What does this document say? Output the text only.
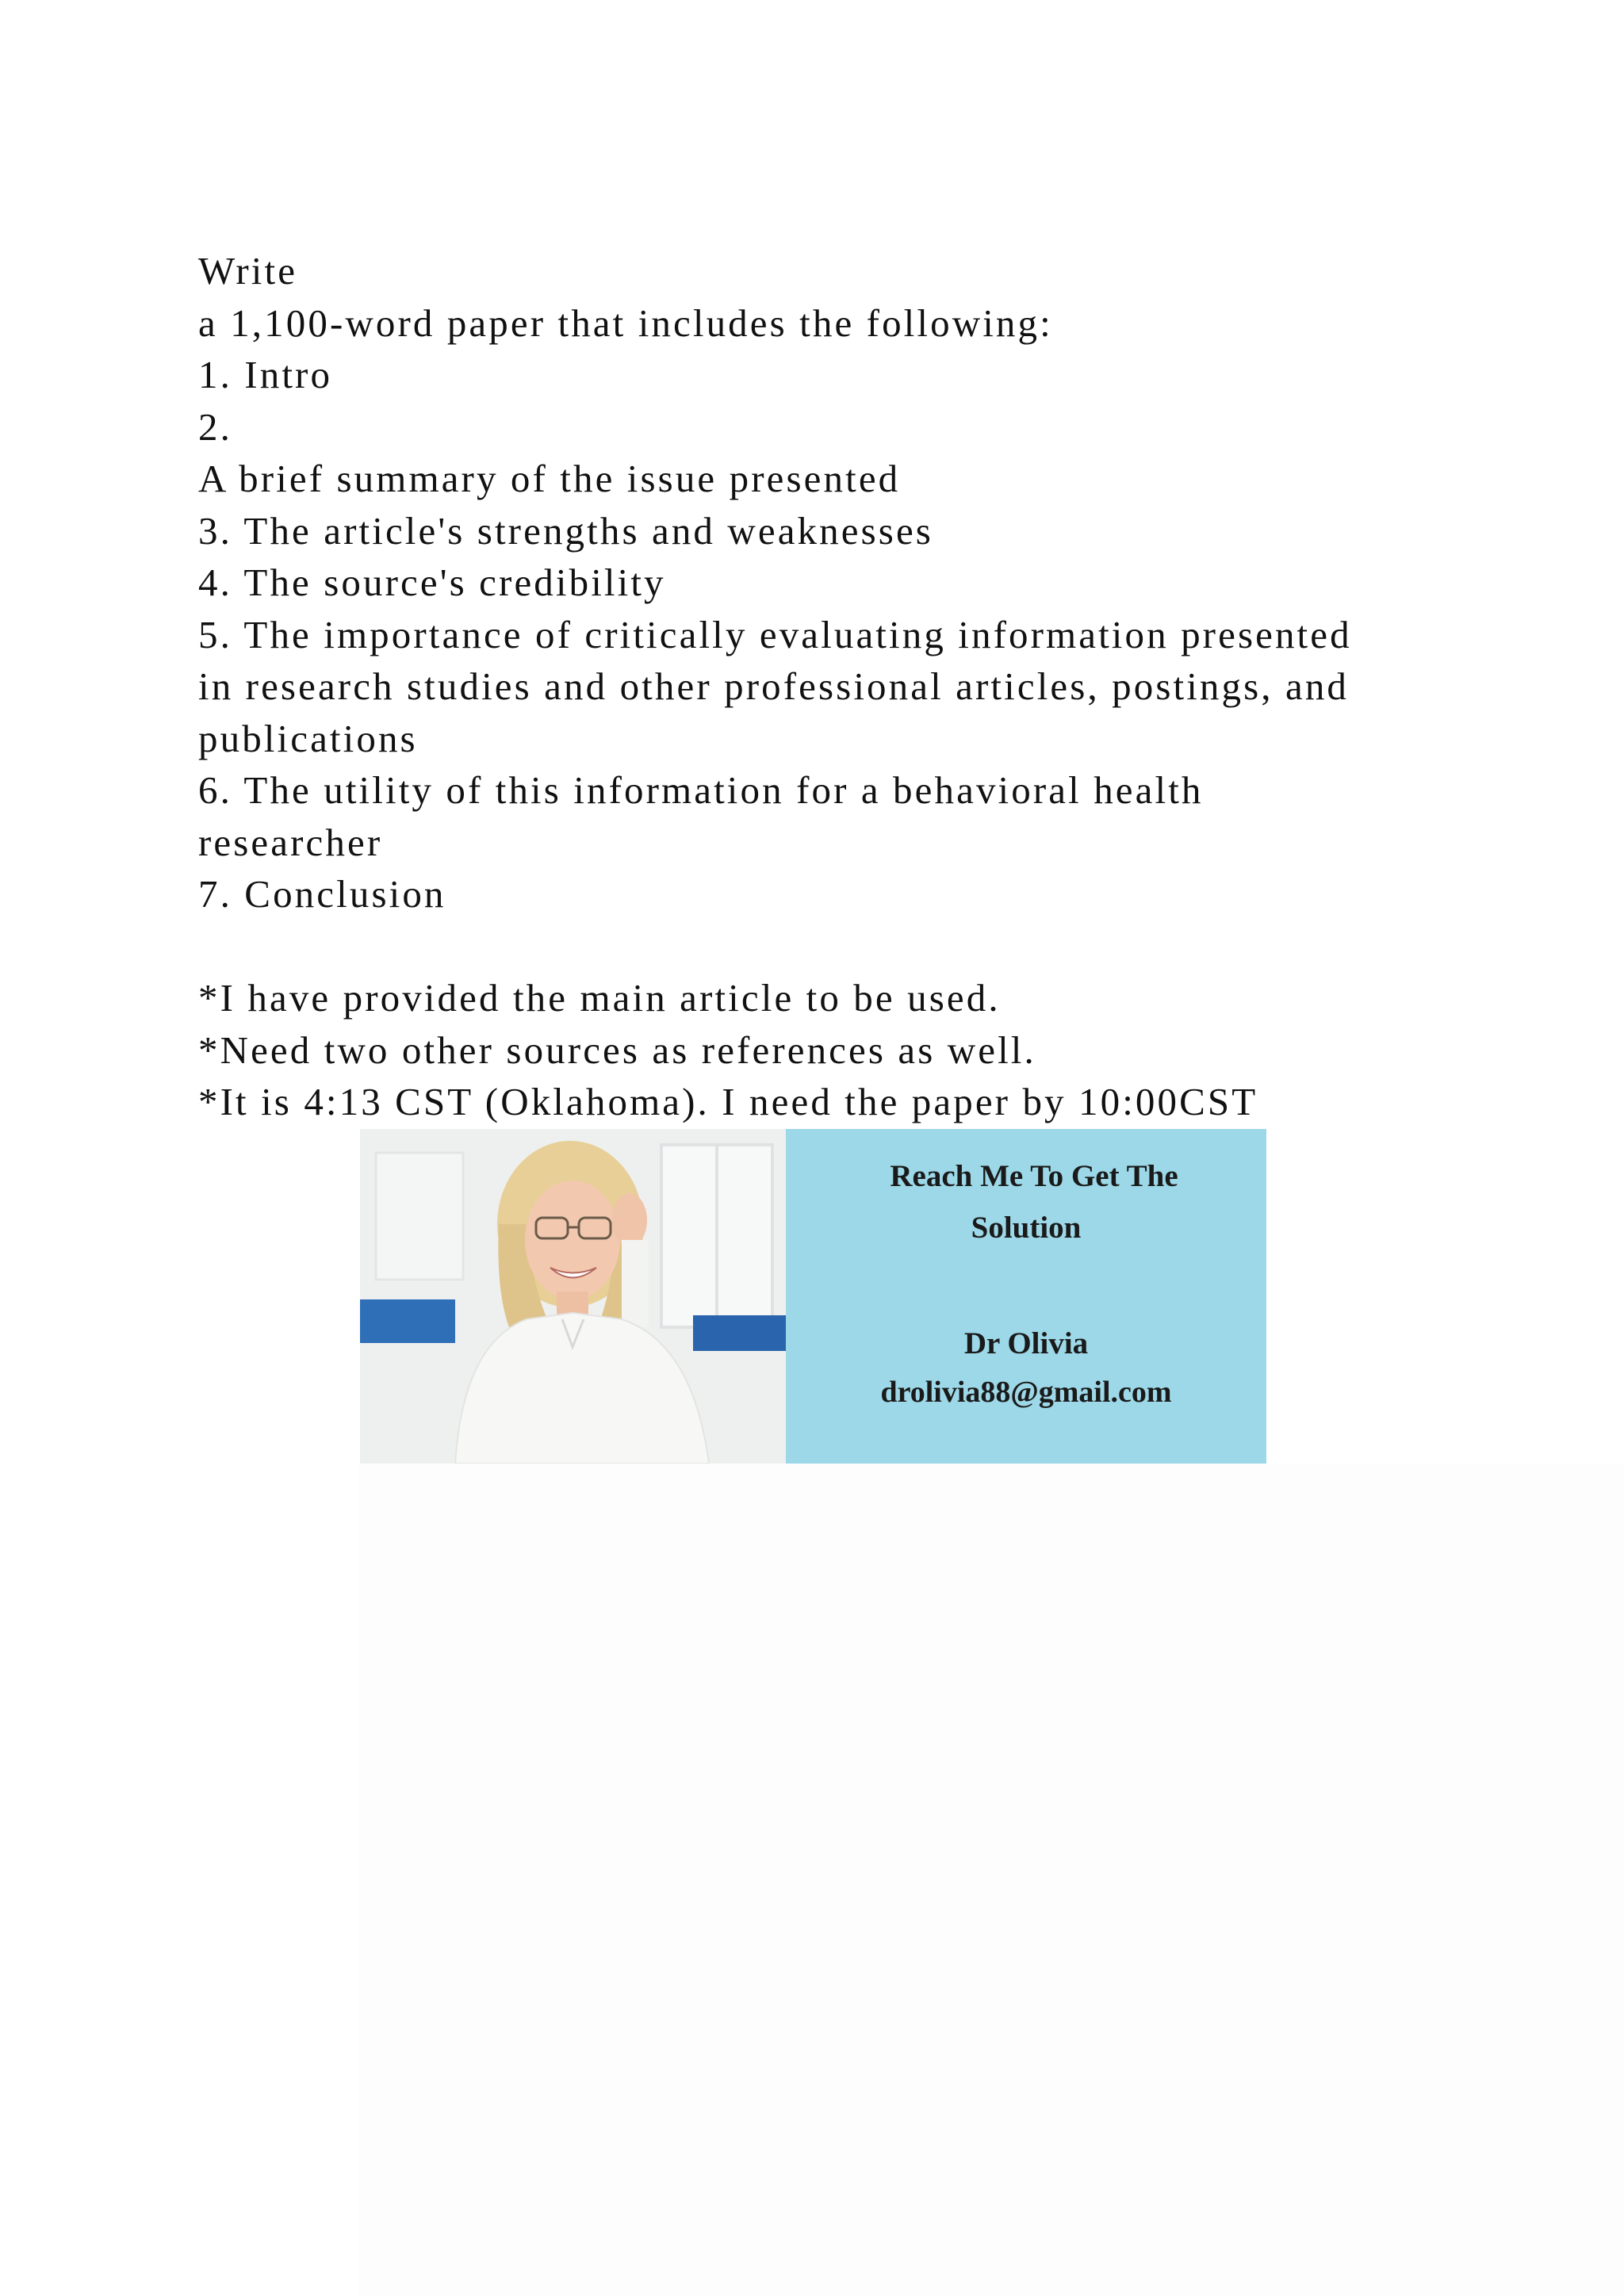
Write
a 1,100-word paper that includes the following:
1. Intro
2.
A brief summary of the issue presented
3. The article's strengths and weaknesses
4. The source's credibility
5. The importance of critically evaluating information presented
in research studies and other professional articles, postings, and
publications
6. The utility of this information for a behavioral health
researcher
7. Conclusion
*I have provided the main article to be used.
*Need two other sources as references as well.
*It is 4:13 CST (Oklahoma). I need the paper by 10:00CST
Reach Me To Get The
Solution
Dr Olivia
drolivia88@gmail.com
